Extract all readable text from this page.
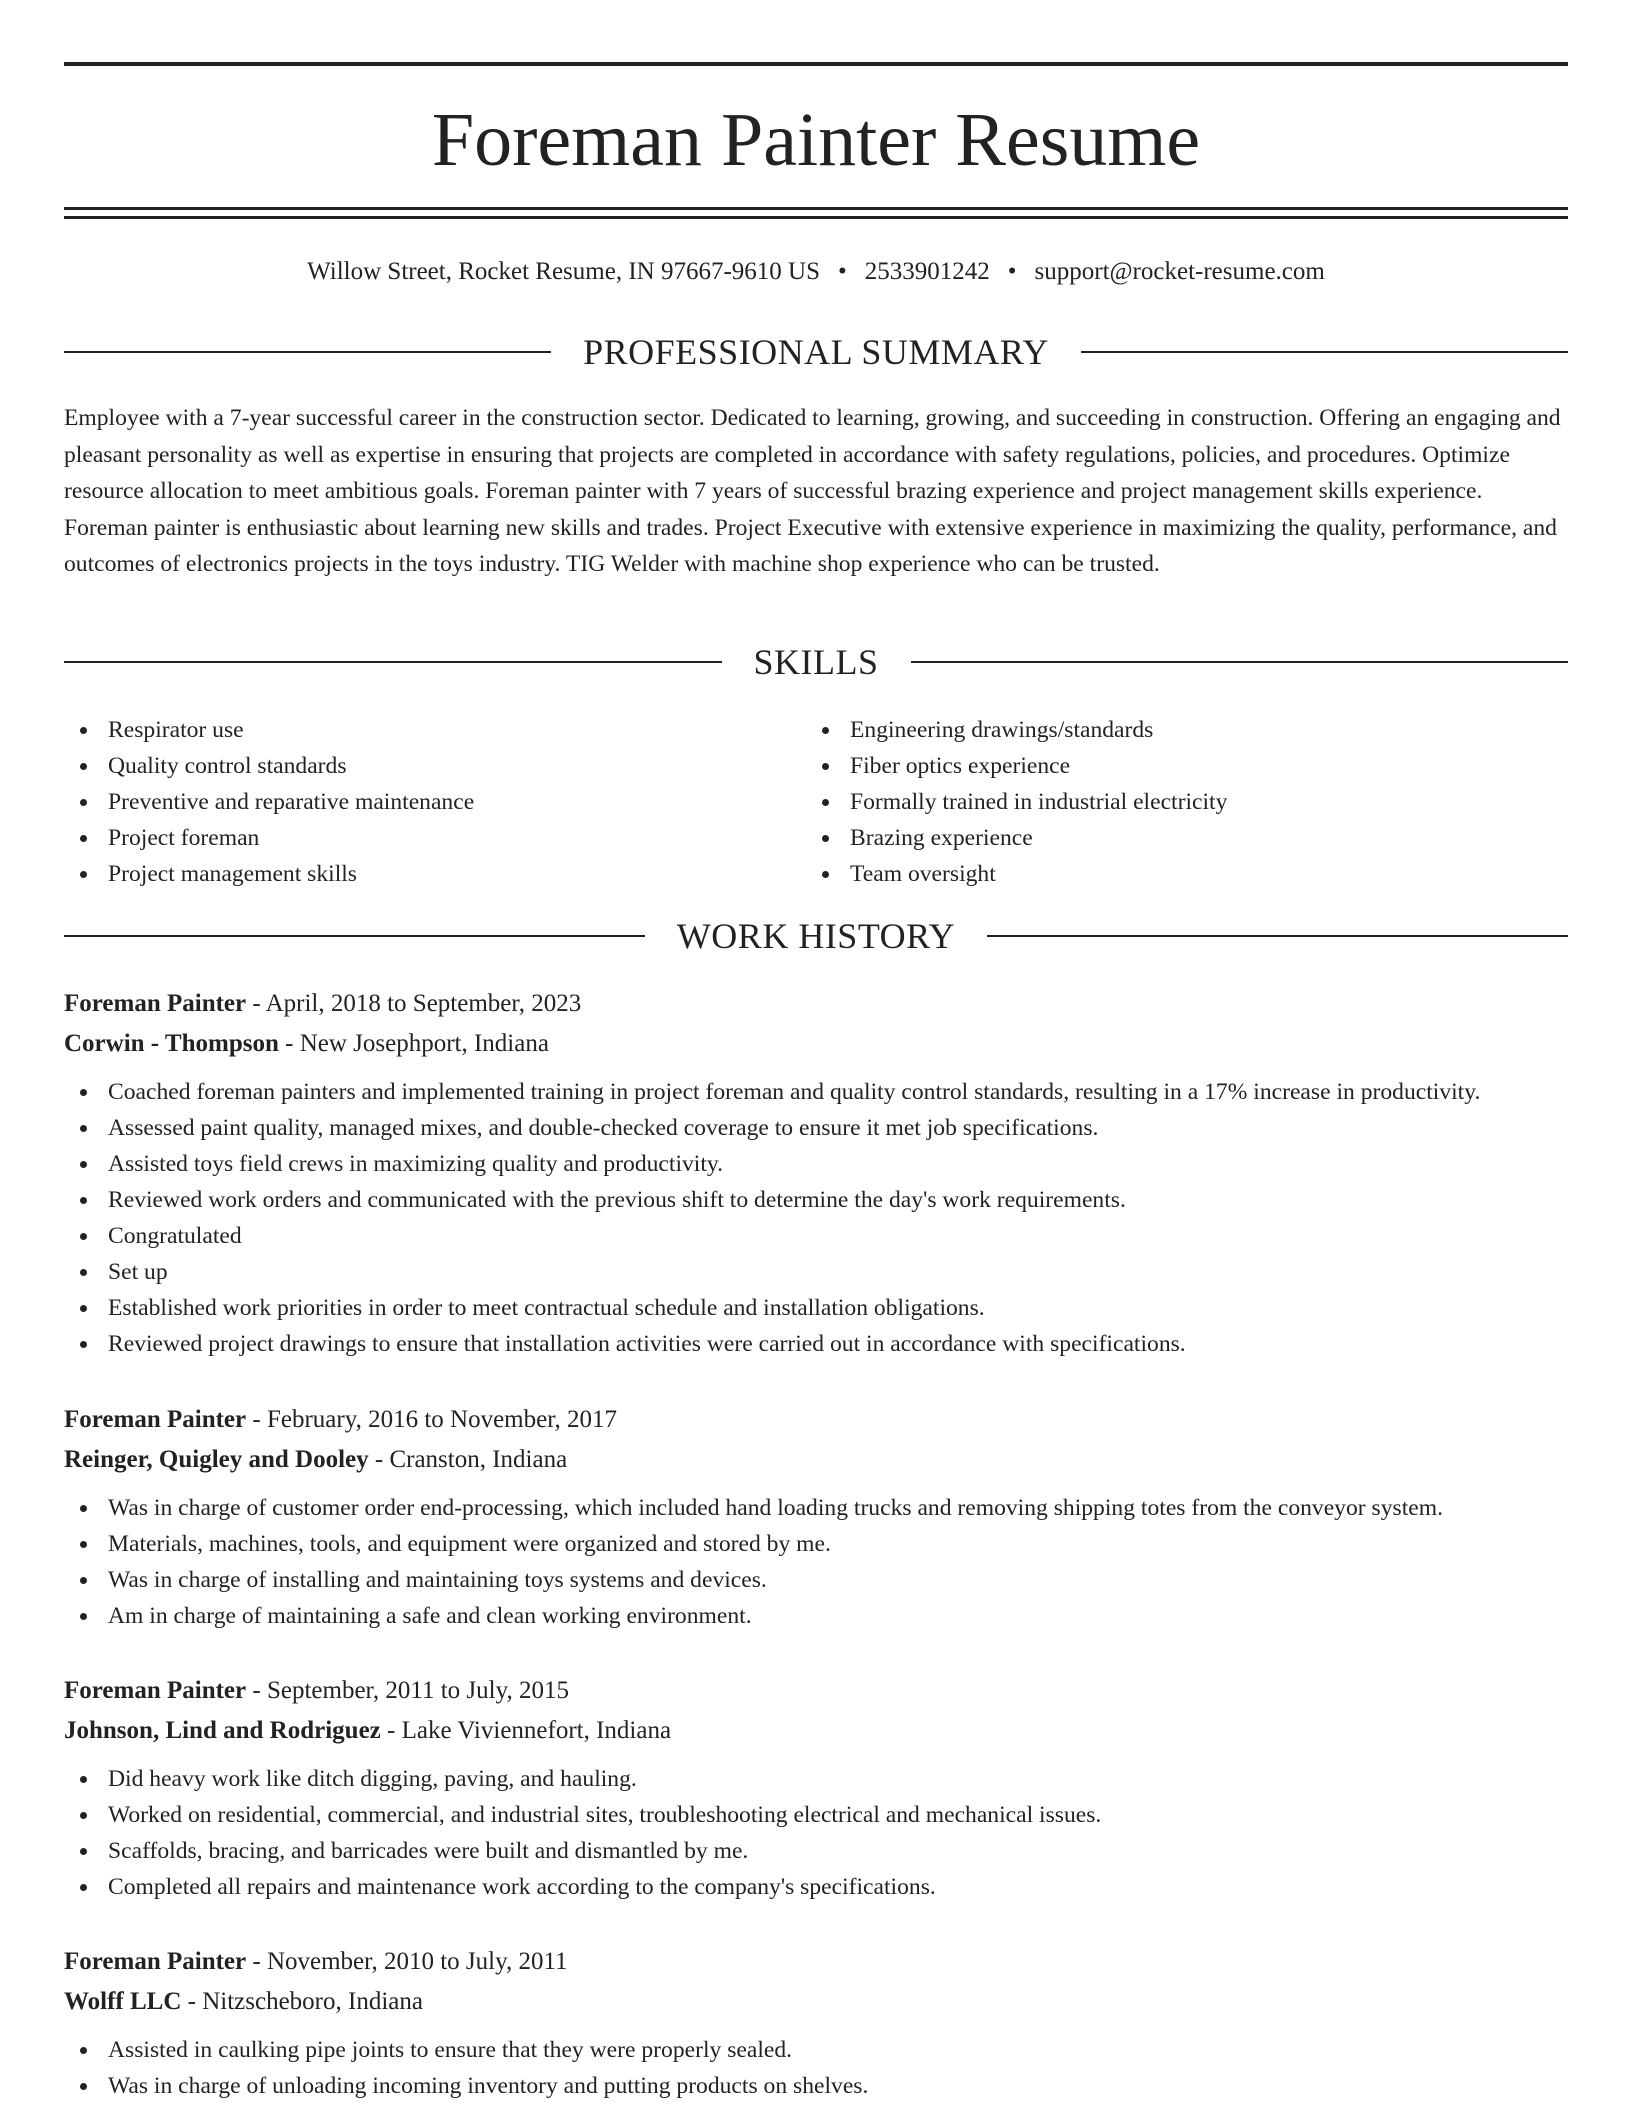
Foreman Painter Resume
Willow Street, Rocket Resume, IN 97667-9610 US • 2533901242 • support@rocket-resume.com
PROFESSIONAL SUMMARY
Employee with a 7-year successful career in the construction sector. Dedicated to learning, growing, and succeeding in construction. Offering an engaging and pleasant personality as well as expertise in ensuring that projects are completed in accordance with safety regulations, policies, and procedures. Optimize resource allocation to meet ambitious goals. Foreman painter with 7 years of successful brazing experience and project management skills experience. Foreman painter is enthusiastic about learning new skills and trades. Project Executive with extensive experience in maximizing the quality, performance, and outcomes of electronics projects in the toys industry. TIG Welder with machine shop experience who can be trusted.
SKILLS
Respirator use
Quality control standards
Preventive and reparative maintenance
Project foreman
Project management skills
Engineering drawings/standards
Fiber optics experience
Formally trained in industrial electricity
Brazing experience
Team oversight
WORK HISTORY
Foreman Painter - April, 2018 to September, 2023
Corwin - Thompson - New Josephport, Indiana
Coached foreman painters and implemented training in project foreman and quality control standards, resulting in a 17% increase in productivity.
Assessed paint quality, managed mixes, and double-checked coverage to ensure it met job specifications.
Assisted toys field crews in maximizing quality and productivity.
Reviewed work orders and communicated with the previous shift to determine the day's work requirements.
Congratulated
Set up
Established work priorities in order to meet contractual schedule and installation obligations.
Reviewed project drawings to ensure that installation activities were carried out in accordance with specifications.
Foreman Painter - February, 2016 to November, 2017
Reinger, Quigley and Dooley - Cranston, Indiana
Was in charge of customer order end-processing, which included hand loading trucks and removing shipping totes from the conveyor system.
Materials, machines, tools, and equipment were organized and stored by me.
Was in charge of installing and maintaining toys systems and devices.
Am in charge of maintaining a safe and clean working environment.
Foreman Painter - September, 2011 to July, 2015
Johnson, Lind and Rodriguez - Lake Viviennefort, Indiana
Did heavy work like ditch digging, paving, and hauling.
Worked on residential, commercial, and industrial sites, troubleshooting electrical and mechanical issues.
Scaffolds, bracing, and barricades were built and dismantled by me.
Completed all repairs and maintenance work according to the company's specifications.
Foreman Painter - November, 2010 to July, 2011
Wolff LLC - Nitzscheboro, Indiana
Assisted in caulking pipe joints to ensure that they were properly sealed.
Was in charge of unloading incoming inventory and putting products on shelves.
